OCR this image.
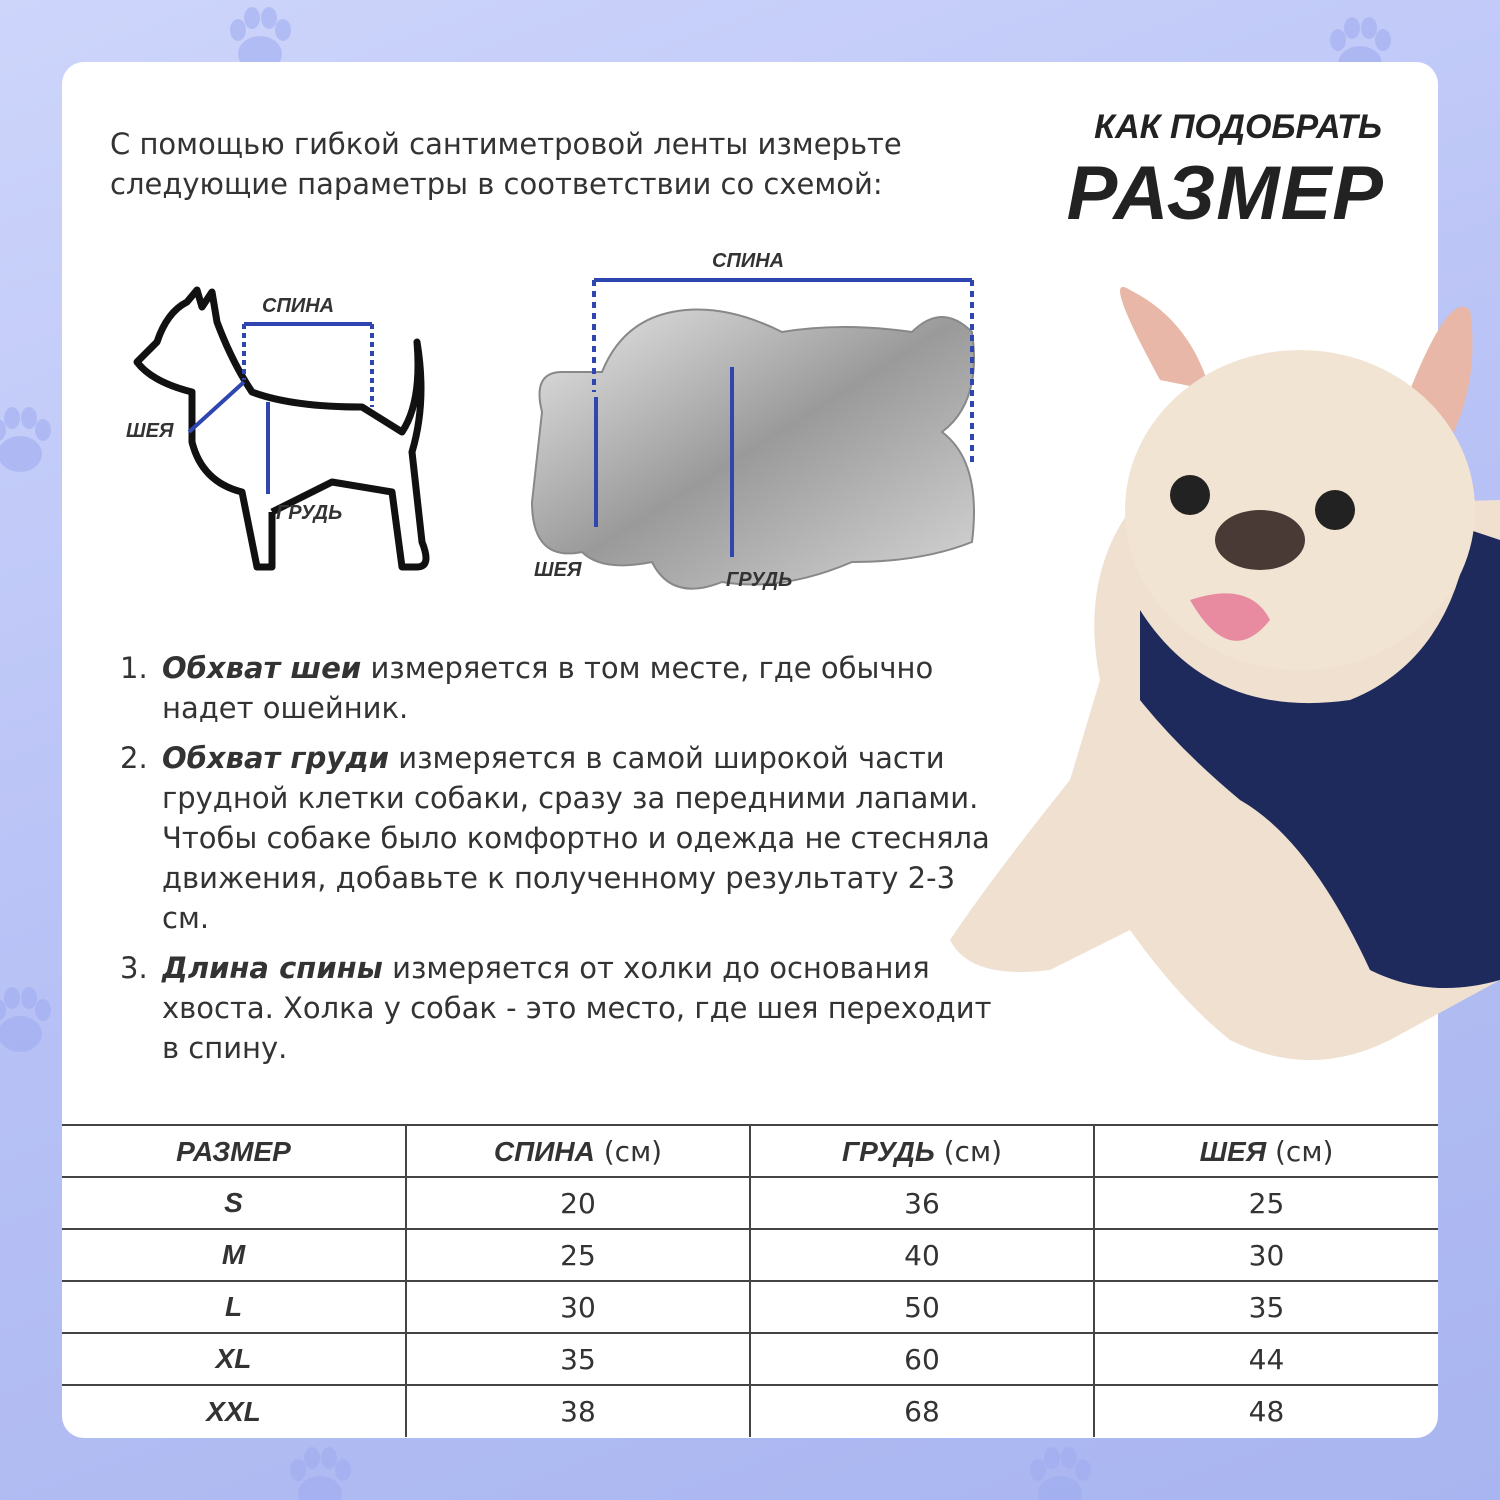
С помощью гибкой сантиметровой ленты измерьте следующие параметры в соответствии со схемой:

КАК ПОДОБРАТЬ
РАЗМЕР
СПИНА
ШЕЯ
ГРУДЬ
СПИНА
ШЕЯ	ГРУДЬ
1. Обхват шеи измеряется в том месте, где обычно надет ошейник.
2. Обхват груди измеряется в самой широкой части грудной клетки собаки, сразу за передними лапами. Чтобы собаке было комфортно и одежда не стесняла движения, добавьте к полученному результату 2-3 см.
3. Длина спины измеряется от холки до основания хвоста. Холка у собак - это место, где шея переходит в спину.
РАЗМЕР	СПИНА (см)	ГРУДЬ (см)	ШЕЯ (см)
S	20	36	25
M	25	40	30
L	30	50	35
XL	35	60	44
XXL	38	68	48
